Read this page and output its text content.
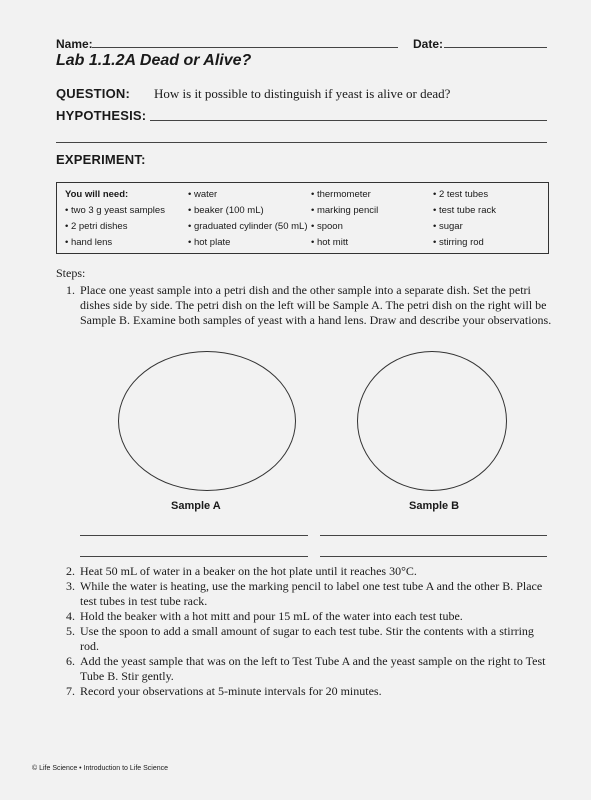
Name:	Date:
Lab 1.1.2A Dead or Alive?
QUESTION: How is it possible to distinguish if yeast is alive or dead?
HYPOTHESIS:
EXPERIMENT:
You will need:
• two 3 g yeast samples
• 2 petri dishes
• hand lens
• water
• beaker (100 mL)
• graduated cylinder (50 mL)
• hot plate
• thermometer
• marking pencil
• spoon
• hot mitt
• 2 test tubes
• test tube rack
• sugar
• stirring rod
Steps:
1. Place one yeast sample into a petri dish and the other sample into a separate dish. Set the petri dishes side by side. The petri dish on the left will be Sample A. The petri dish on the right will be Sample B. Examine both samples of yeast with a hand lens. Draw and describe your observations.
Sample A	Sample B
2. Heat 50 mL of water in a beaker on the hot plate until it reaches 30°C.
3. While the water is heating, use the marking pencil to label one test tube A and the other B. Place test tubes in test tube rack.
4. Hold the beaker with a hot mitt and pour 15 mL of the water into each test tube.
5. Use the spoon to add a small amount of sugar to each test tube. Stir the contents with a stirring rod.
6. Add the yeast sample that was on the left to Test Tube A and the yeast sample on the right to Test Tube B. Stir gently.
7. Record your observations at 5-minute intervals for 20 minutes.
© Life Science • Introduction to Life Science
